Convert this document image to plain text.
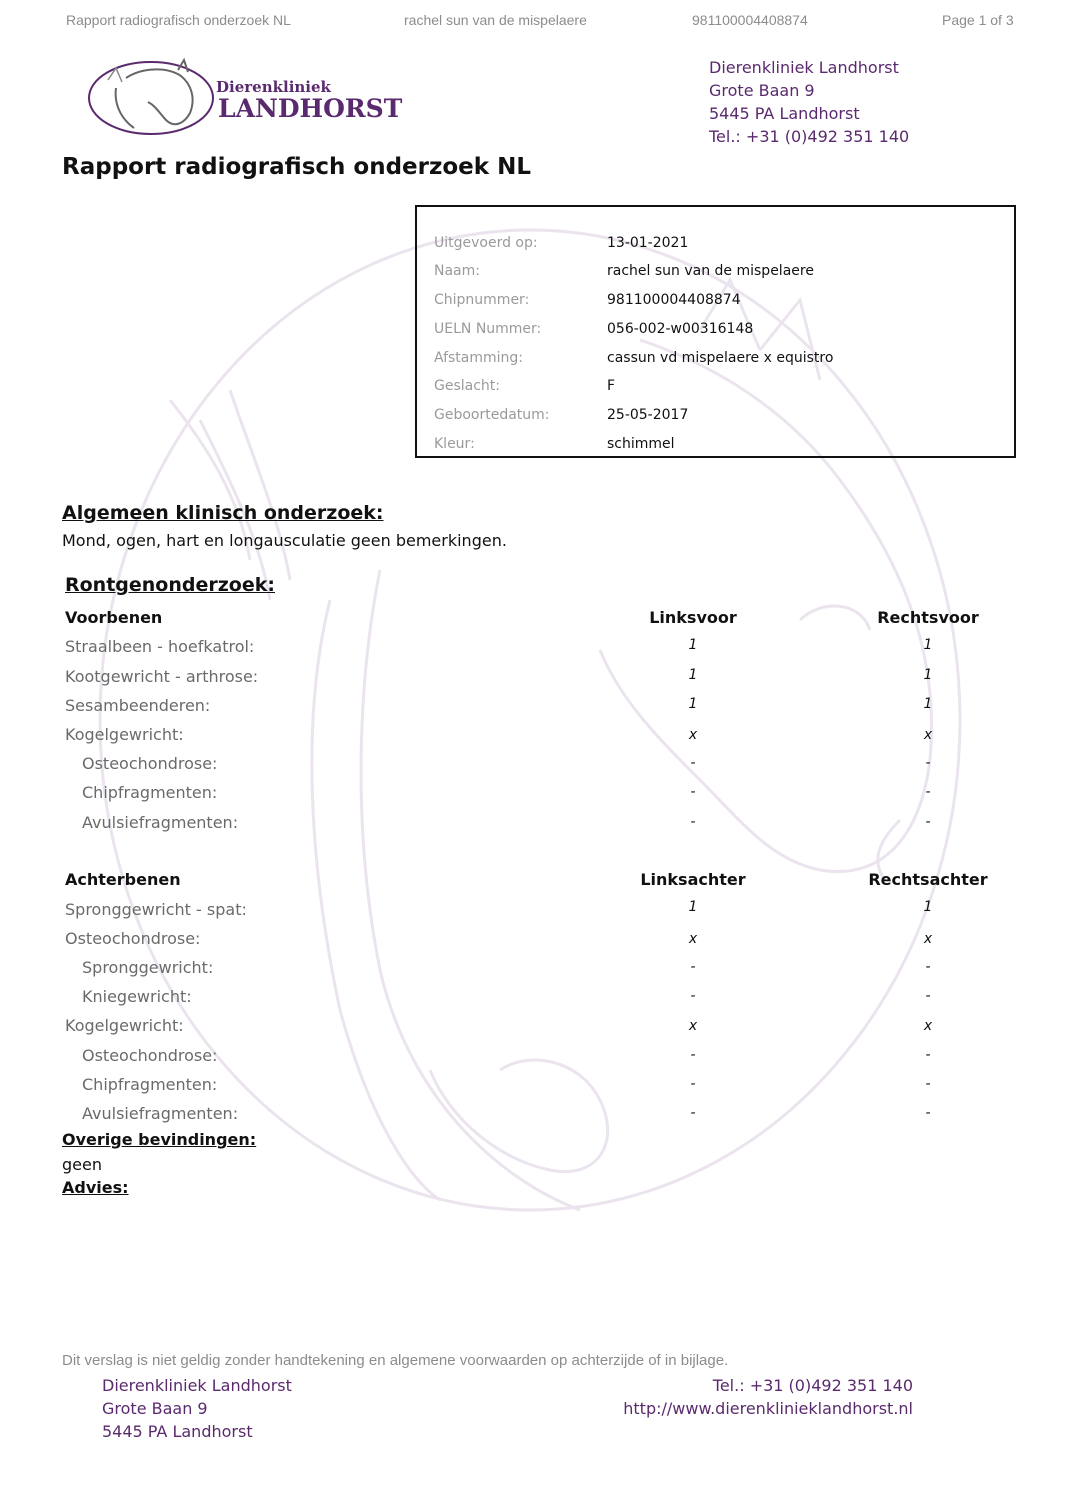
Rapport radiografisch onderzoek NL	rachel sun van de mispelaere	981100004408874	Page 1 of 3
Dierenkliniek
LANDHORST
Dierenkliniek Landhorst
Grote Baan 9
5445 PA Landhorst
Tel.: +31 (0)492 351 140
Rapport radiografisch onderzoek NL
Uitgevoerd op:	13-01-2021
Naam:	rachel sun van de mispelaere
Chipnummer:	981100004408874
UELN Nummer:	056-002-w00316148
Afstamming:	cassun vd mispelaere x equistro
Geslacht:	F
Geboortedatum:	25-05-2017
Kleur:	schimmel
Algemeen klinisch onderzoek:
Mond, ogen, hart en longausculatie geen bemerkingen.
Rontgenonderzoek:
Voorbenen	Linksvoor	Rechtsvoor
Straalbeen - hoefkatrol:	1	1
Kootgewricht - arthrose:	1	1
Sesambeenderen:	1	1
Kogelgewricht:	x	x
Osteochondrose:	-	-
Chipfragmenten:	-	-
Avulsiefragmenten:	-	-
Achterbenen	Linksachter	Rechtsachter
Spronggewricht - spat:	1	1
Osteochondrose:	x	x
Spronggewricht:	-	-
Kniegewricht:	-	-
Kogelgewricht:	x	x
Osteochondrose:	-	-
Chipfragmenten:	-	-
Avulsiefragmenten:	-	-
Overige bevindingen:
geen
Advies:
Dit verslag is niet geldig zonder handtekening en algemene voorwaarden op achterzijde of in bijlage.
Dierenkliniek Landhorst
Grote Baan 9
5445 PA Landhorst
Tel.: +31 (0)492 351 140
http://www.dierenklinieklandhorst.nl
